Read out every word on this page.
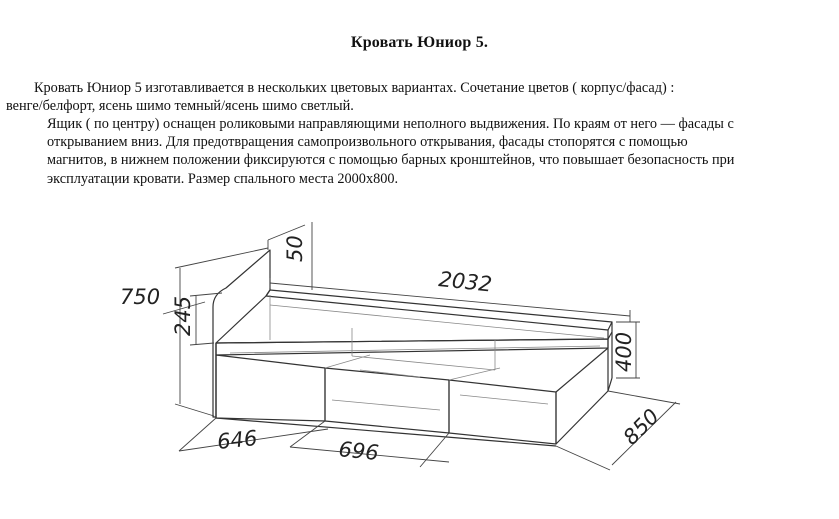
Кровать Юниор 5.

Кровать Юниор 5 изготавливается в нескольких цветовых вариантах. Сочетание цветов ( корпус/фасад) :
венге/белфорт, ясень шимо темный/ясень шимо светлый.

Ящик ( по центру) оснащен роликовыми направляющими неполного выдвижения. По краям от него — фасады с
открыванием вниз. Для предотвращения самопроизвольного открывания, фасады стопорятся с помощью
магнитов, в нижнем положении фиксируются с помощью барных кронштейнов, что повышает безопасность при
эксплуатации кровати. Размер спального места 2000x800.

750 245
50
2032
400
646	696
850
